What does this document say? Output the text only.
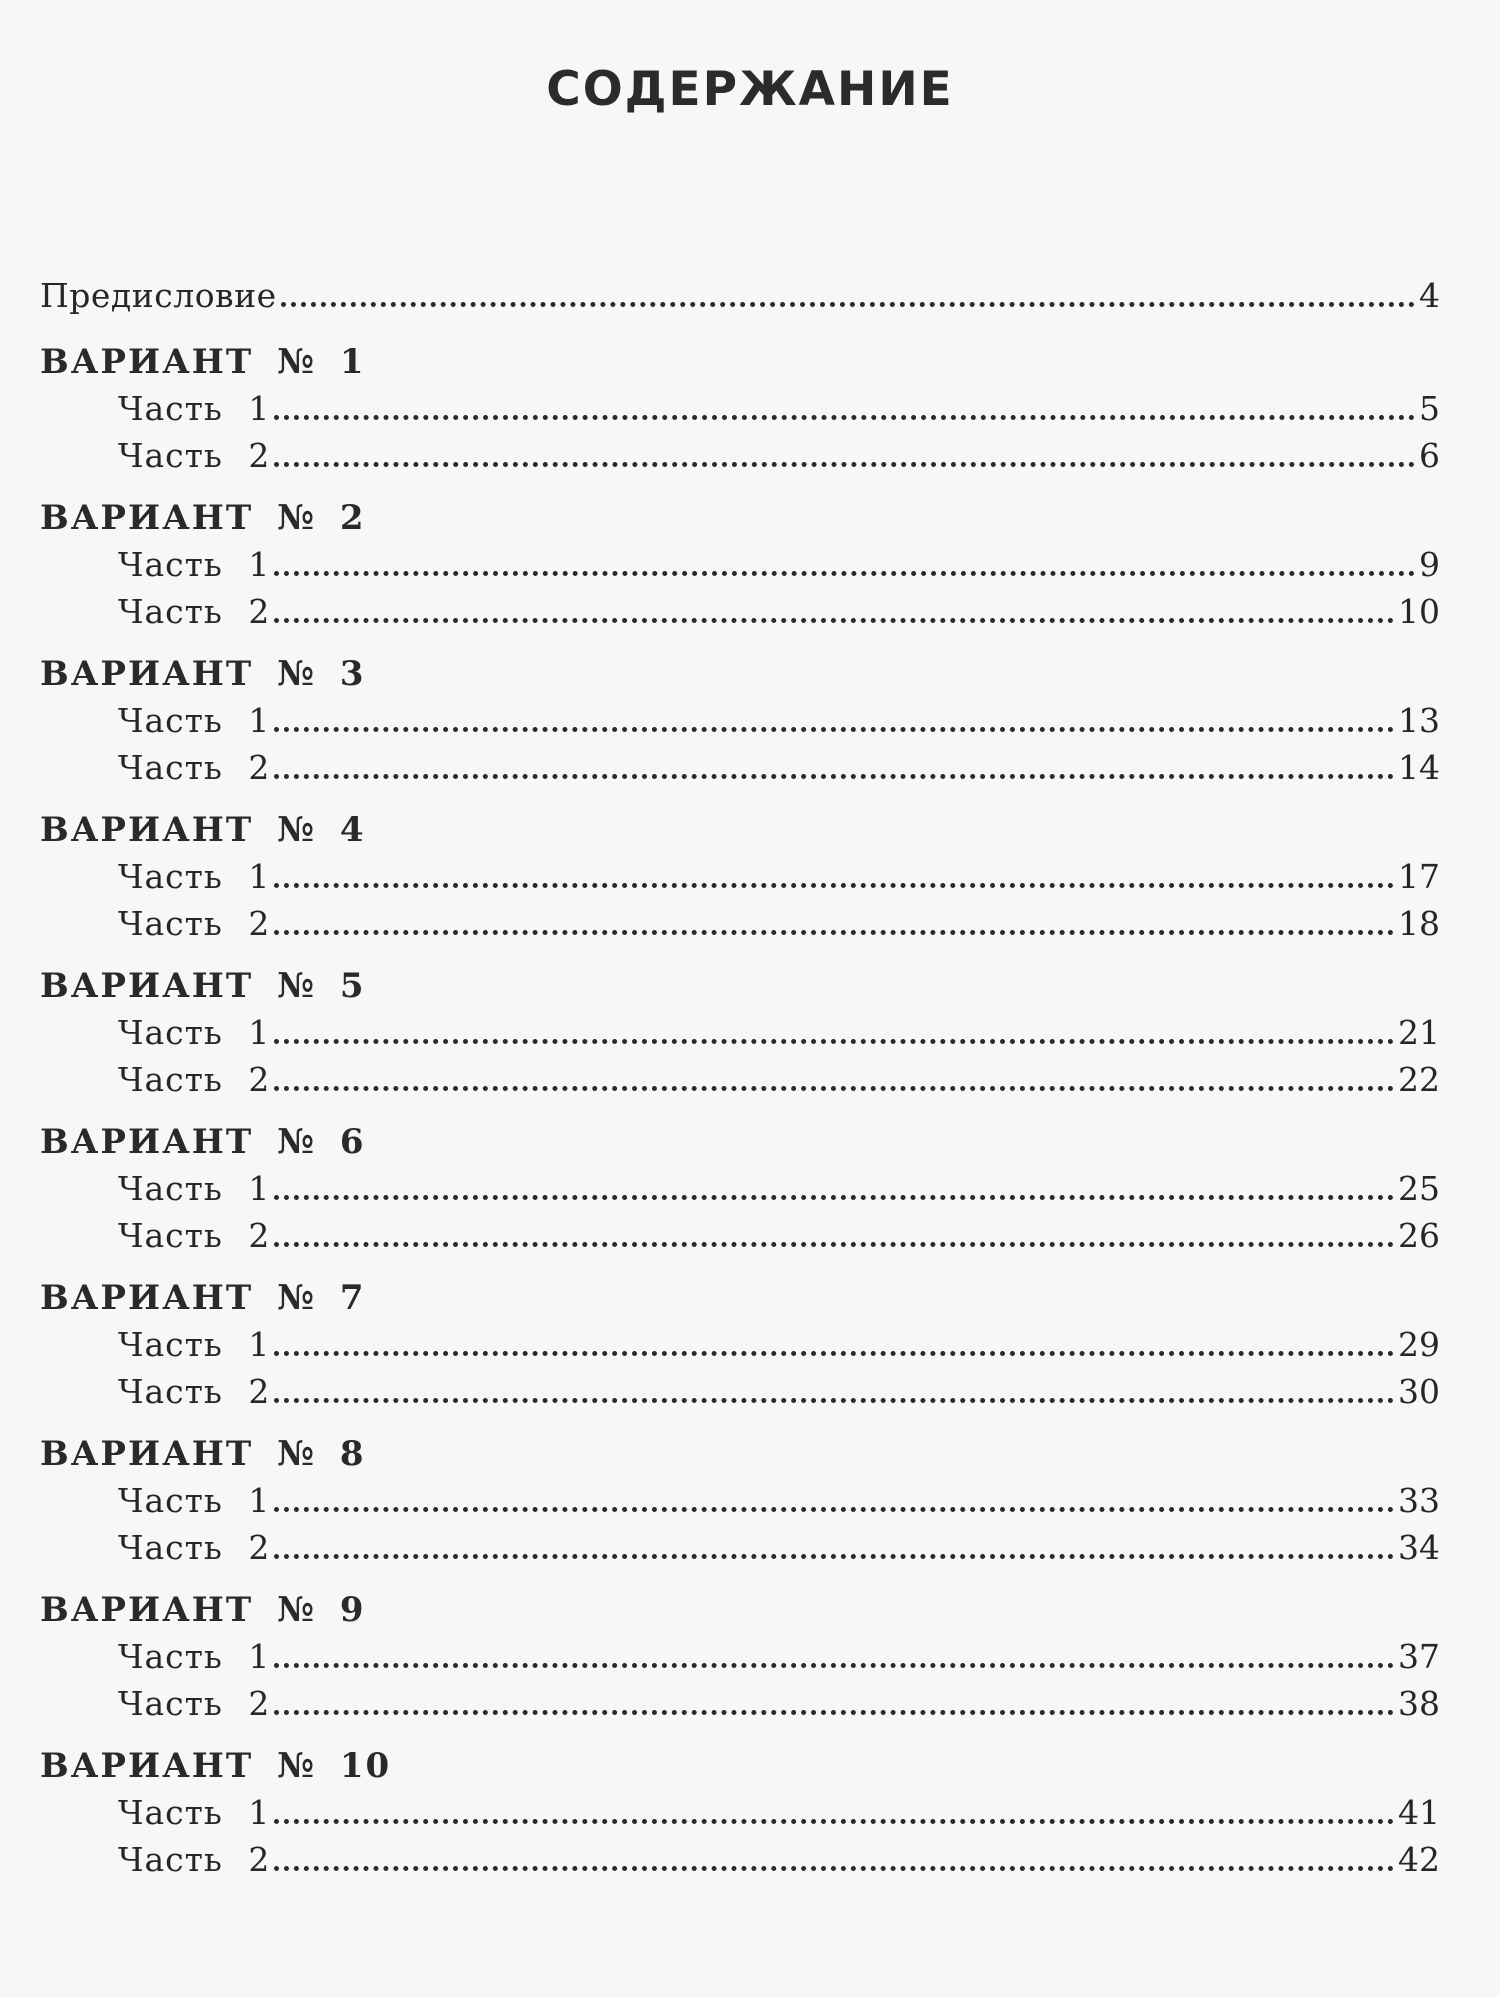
СОДЕРЖАНИЕ
Предисловие	4
ВАРИАНТ № 1
Часть 1	5
Часть 2	6
ВАРИАНТ № 2
Часть 1	9
Часть 2	10
ВАРИАНТ № 3
Часть 1	13
Часть 2	14
ВАРИАНТ № 4
Часть 1	17
Часть 2	18
ВАРИАНТ № 5
Часть 1	21
Часть 2	22
ВАРИАНТ № 6
Часть 1	25
Часть 2	26
ВАРИАНТ № 7
Часть 1	29
Часть 2	30
ВАРИАНТ № 8
Часть 1	33
Часть 2	34
ВАРИАНТ № 9
Часть 1	37
Часть 2	38
ВАРИАНТ № 10
Часть 1	41
Часть 2	42
